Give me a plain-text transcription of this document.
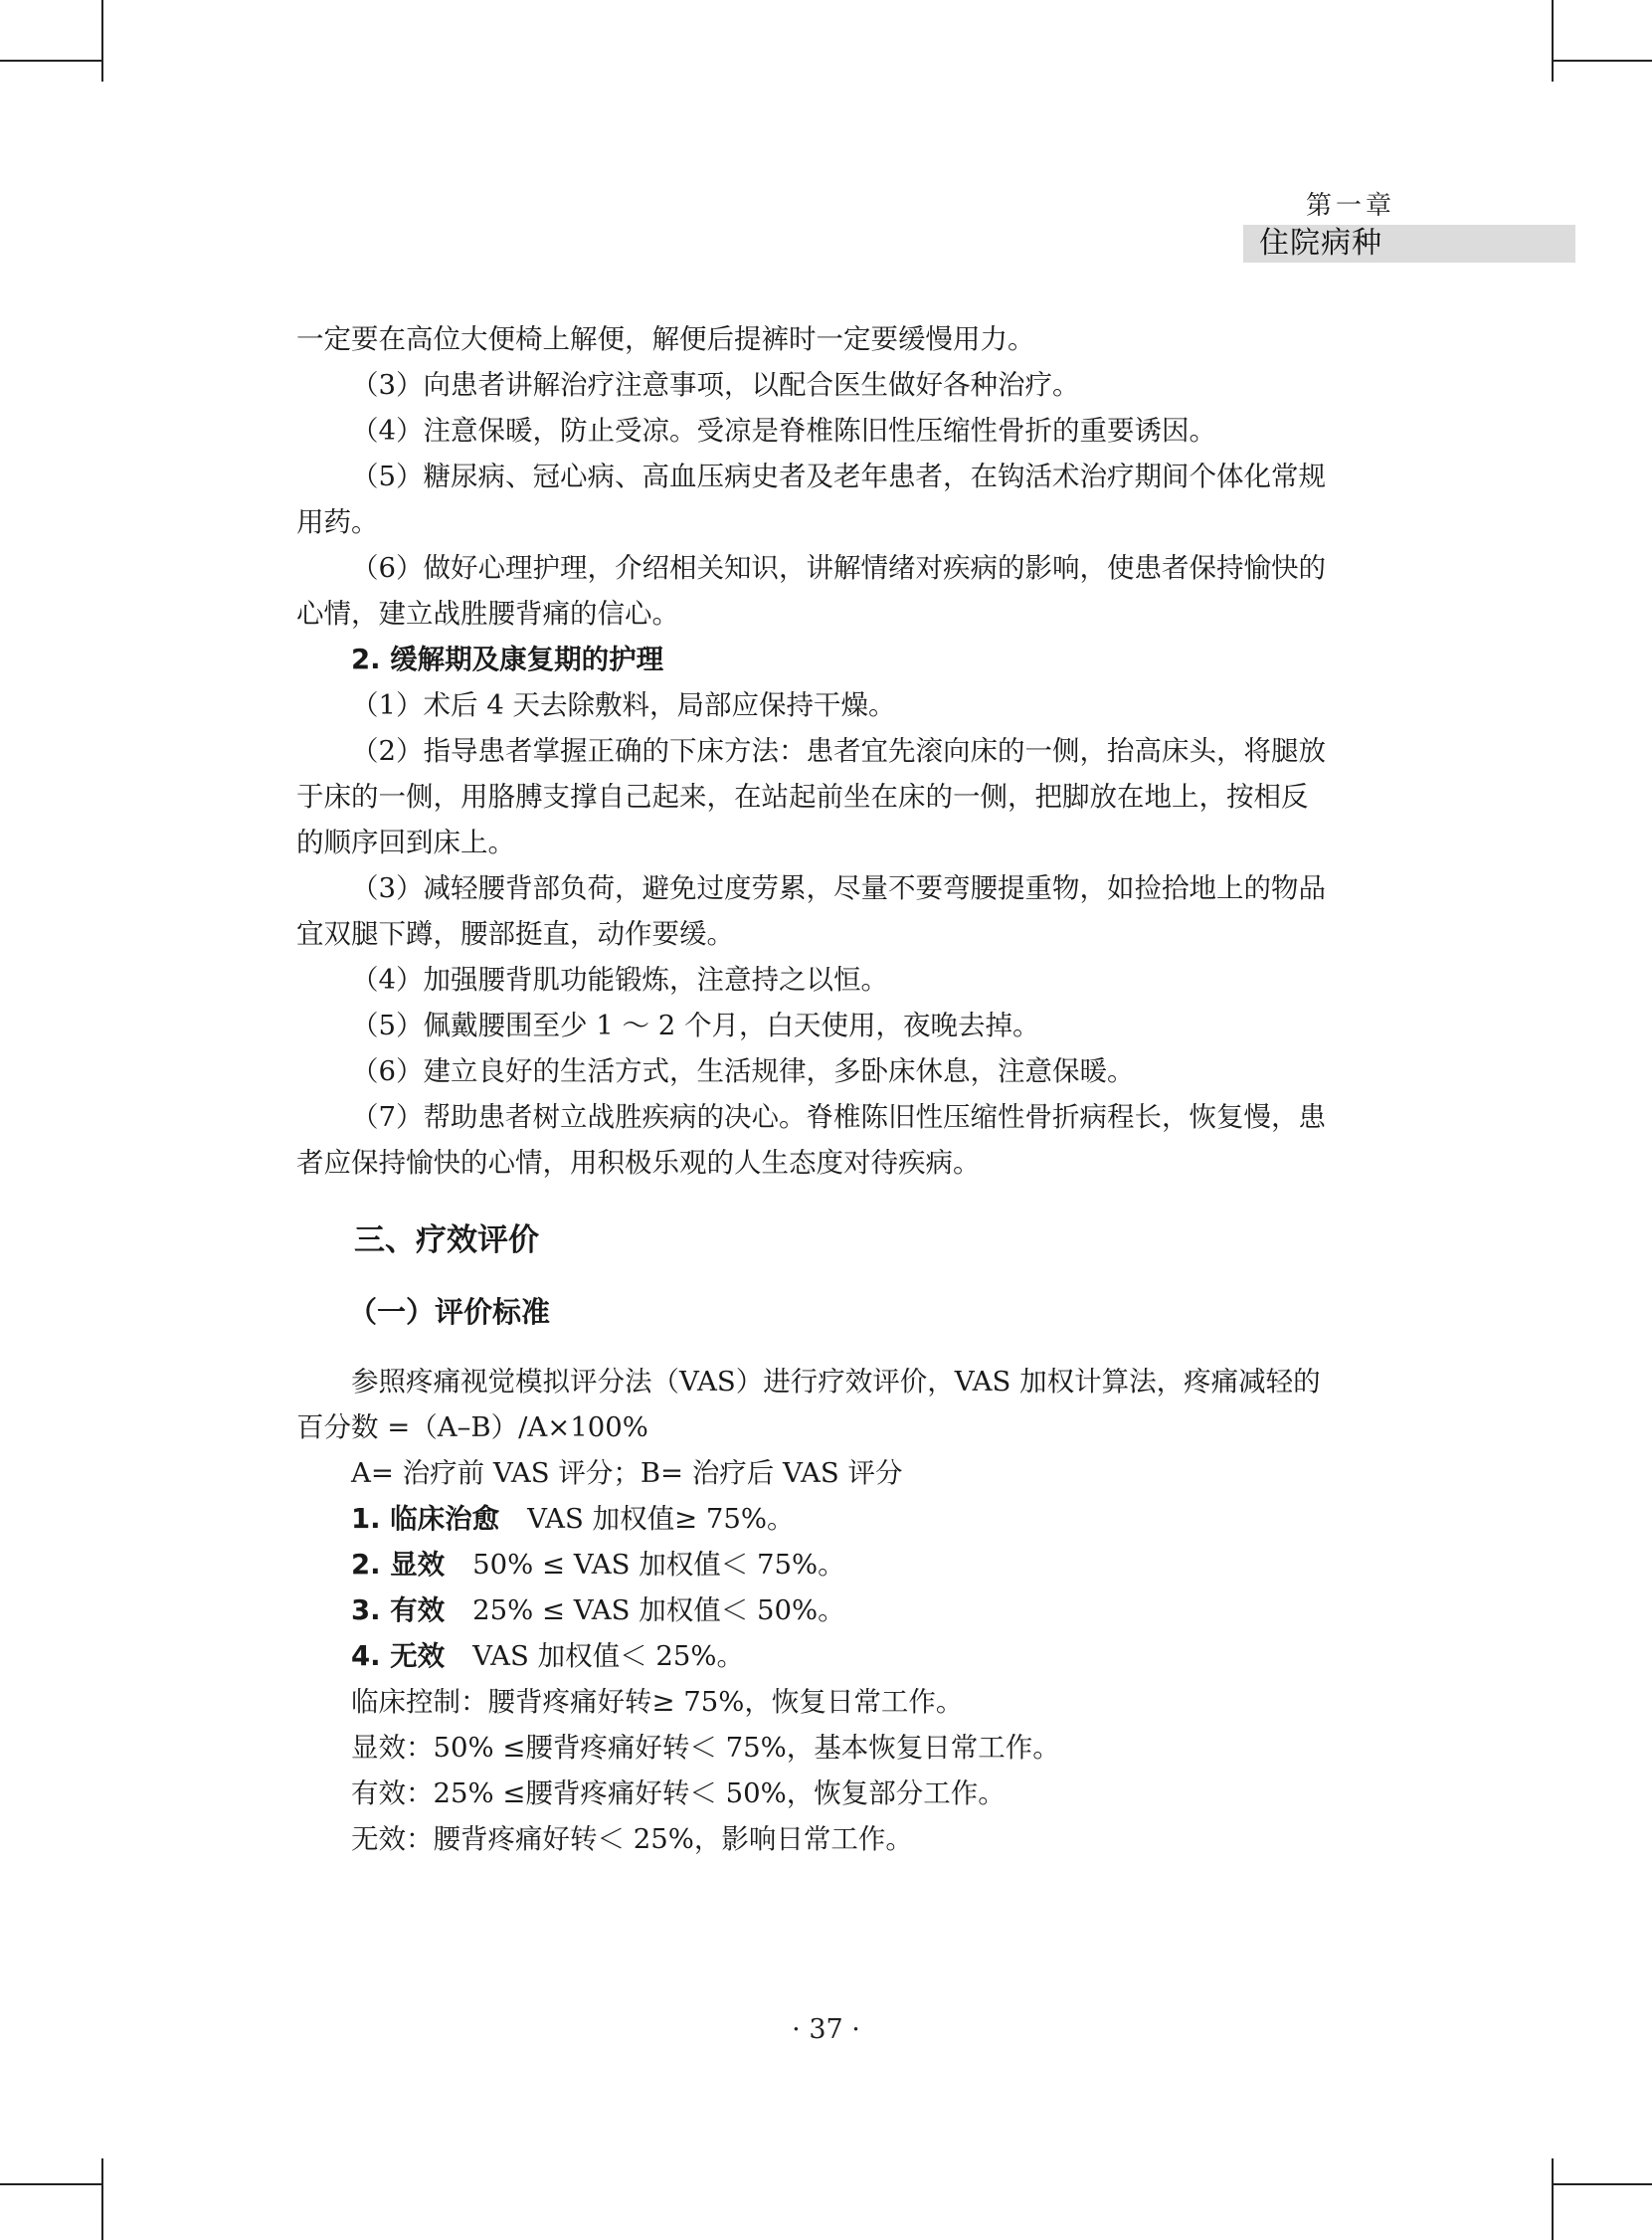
第一章
住院病种
一定要在高位大便椅上解便，解便后提裤时一定要缓慢用力。
（3）向患者讲解治疗注意事项，以配合医生做好各种治疗。
（4）注意保暖，防止受凉。受凉是脊椎陈旧性压缩性骨折的重要诱因。
（5）糖尿病、冠心病、高血压病史者及老年患者，在钩活术治疗期间个体化常规
用药。
（6）做好心理护理，介绍相关知识，讲解情绪对疾病的影响，使患者保持愉快的
心情，建立战胜腰背痛的信心。
2. 缓解期及康复期的护理
（1）术后 4 天去除敷料，局部应保持干燥。
（2）指导患者掌握正确的下床方法：患者宜先滚向床的一侧，抬高床头，将腿放
于床的一侧，用胳膊支撑自己起来，在站起前坐在床的一侧，把脚放在地上，按相反
的顺序回到床上。
（3）减轻腰背部负荷，避免过度劳累，尽量不要弯腰提重物，如捡拾地上的物品
宜双腿下蹲，腰部挺直，动作要缓。
（4）加强腰背肌功能锻炼，注意持之以恒。
（5）佩戴腰围至少 1 ～ 2 个月，白天使用，夜晚去掉。
（6）建立良好的生活方式，生活规律，多卧床休息，注意保暖。
（7）帮助患者树立战胜疾病的决心。脊椎陈旧性压缩性骨折病程长，恢复慢，患
者应保持愉快的心情，用积极乐观的人生态度对待疾病。
三、疗效评价
（一）评价标准
参照疼痛视觉模拟评分法（VAS）进行疗效评价，VAS 加权计算法，疼痛减轻的
百分数 =（A–B）/A×100%
A= 治疗前 VAS 评分；B= 治疗后 VAS 评分
1. 临床治愈 VAS 加权值≥ 75%。
2. 显效 50% ≤ VAS 加权值＜ 75%。
3. 有效 25% ≤ VAS 加权值＜ 50%。
4. 无效 VAS 加权值＜ 25%。
临床控制：腰背疼痛好转≥ 75%，恢复日常工作。
显效：50% ≤腰背疼痛好转＜ 75%，基本恢复日常工作。
有效：25% ≤腰背疼痛好转＜ 50%，恢复部分工作。
无效：腰背疼痛好转＜ 25%，影响日常工作。
· 37 ·
